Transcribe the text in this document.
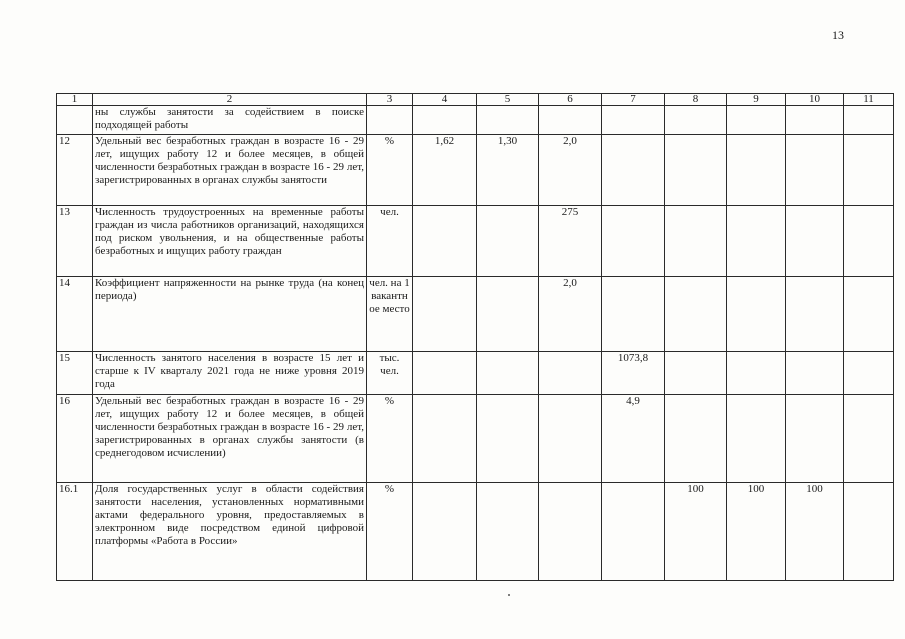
13
1	2	3	4	5	6	7	8	9	10	11
	ны службы занятости за содействием в поиске подходящей работы									
12	Удельный вес безработных граждан в возрасте 16 - 29 лет, ищущих работу 12 и более месяцев, в общей численности безработных граждан в возрасте 16 - 29 лет, зарегистрированных в органах службы занятости	%	1,62	1,30	2,0					
13	Численность трудоустроенных на временные работы граждан из числа работников организаций, находящихся под риском увольнения, и на общественные работы безработных и ищущих работу граждан	чел.			275					
14	Коэффициент напряженности на рынке труда (на конец периода)	чел. на 1 вакантное место			2,0					
15	Численность занятого населения в возрасте 15 лет и старше к IV кварталу 2021 года не ниже уровня 2019 года	тыс. чел.				1073,8				
16	Удельный вес безработных граждан в возрасте 16 - 29 лет, ищущих работу 12 и более месяцев, в общей численности безработных граждан в возрасте 16 - 29 лет, зарегистрированных в органах службы занятости (в среднегодовом исчислении)	%				4,9				
16.1	Доля государственных услуг в области содействия занятости населения, установленных нормативными актами федерального уровня, предоставляемых в электронном виде посредством единой цифровой платформы «Работа в России»	%					100	100	100	
